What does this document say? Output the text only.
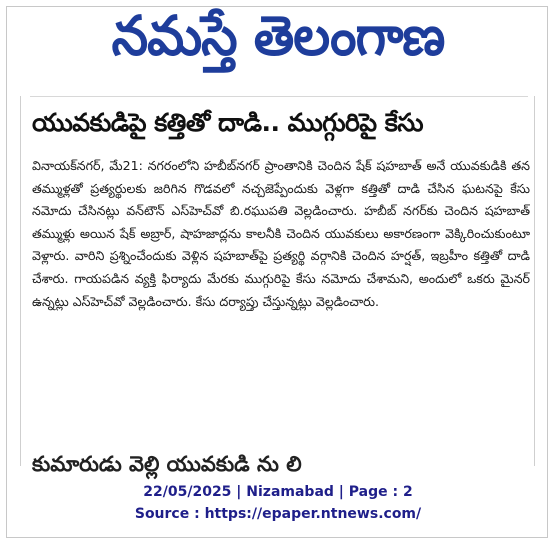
నమస్తే తెలంగాణ
యువకుడిపై కత్తితో దాడి.. ముగ్గురిపై కేసు
వినాయక్‌నగర్, మే21: నగరంలోని హబీబ్‌నగర్ ప్రాంతానికి చెందిన షేక్ షహబాత్ అనే యువకుడికి తన తమ్ముళ్లతో ప్రత్యర్థులకు జరిగిన గొడవలో నచ్చజెప్పేందుకు వెళ్లగా కత్తితో దాడి చేసిన ఘటనపై కేసు నమోదు చేసినట్లు వన్‌టౌన్ ఎస్‌హెచ్‌వో బి.రఘుపతి వెల్లడించారు. హబీబ్ నగర్‌కు చెందిన షహబాత్ తమ్ముళ్లు అయిన షేక్ అబ్రార్, షాహజాద్లను కాలనీకి చెందిన యువకులు అకారణంగా వెక్కిరించుకుంటూ వెళ్లారు. వారిని ప్రశ్నించేందుకు వెళ్లిన షహబాత్‌పై ప్రత్యర్థి వర్గానికి చెందిన హర్షత్, ఇబ్రహీం కత్తితో దాడి చేశారు. గాయపడిన వ్యక్తి ఫిర్యాదు మేరకు ముగ్గురిపై కేసు నమోదు చేశామని, అందులో ఒకరు మైనర్ ఉన్నట్లు ఎస్‌హెచ్‌వో వెల్లడించారు. కేసు దర్యాప్తు చేస్తున్నట్లు వెల్లడించారు.
కుమారుడు వెల్లి యువకుడి ను లి
22/05/2025 | Nizamabad | Page : 2
Source : https://epaper.ntnews.com/
